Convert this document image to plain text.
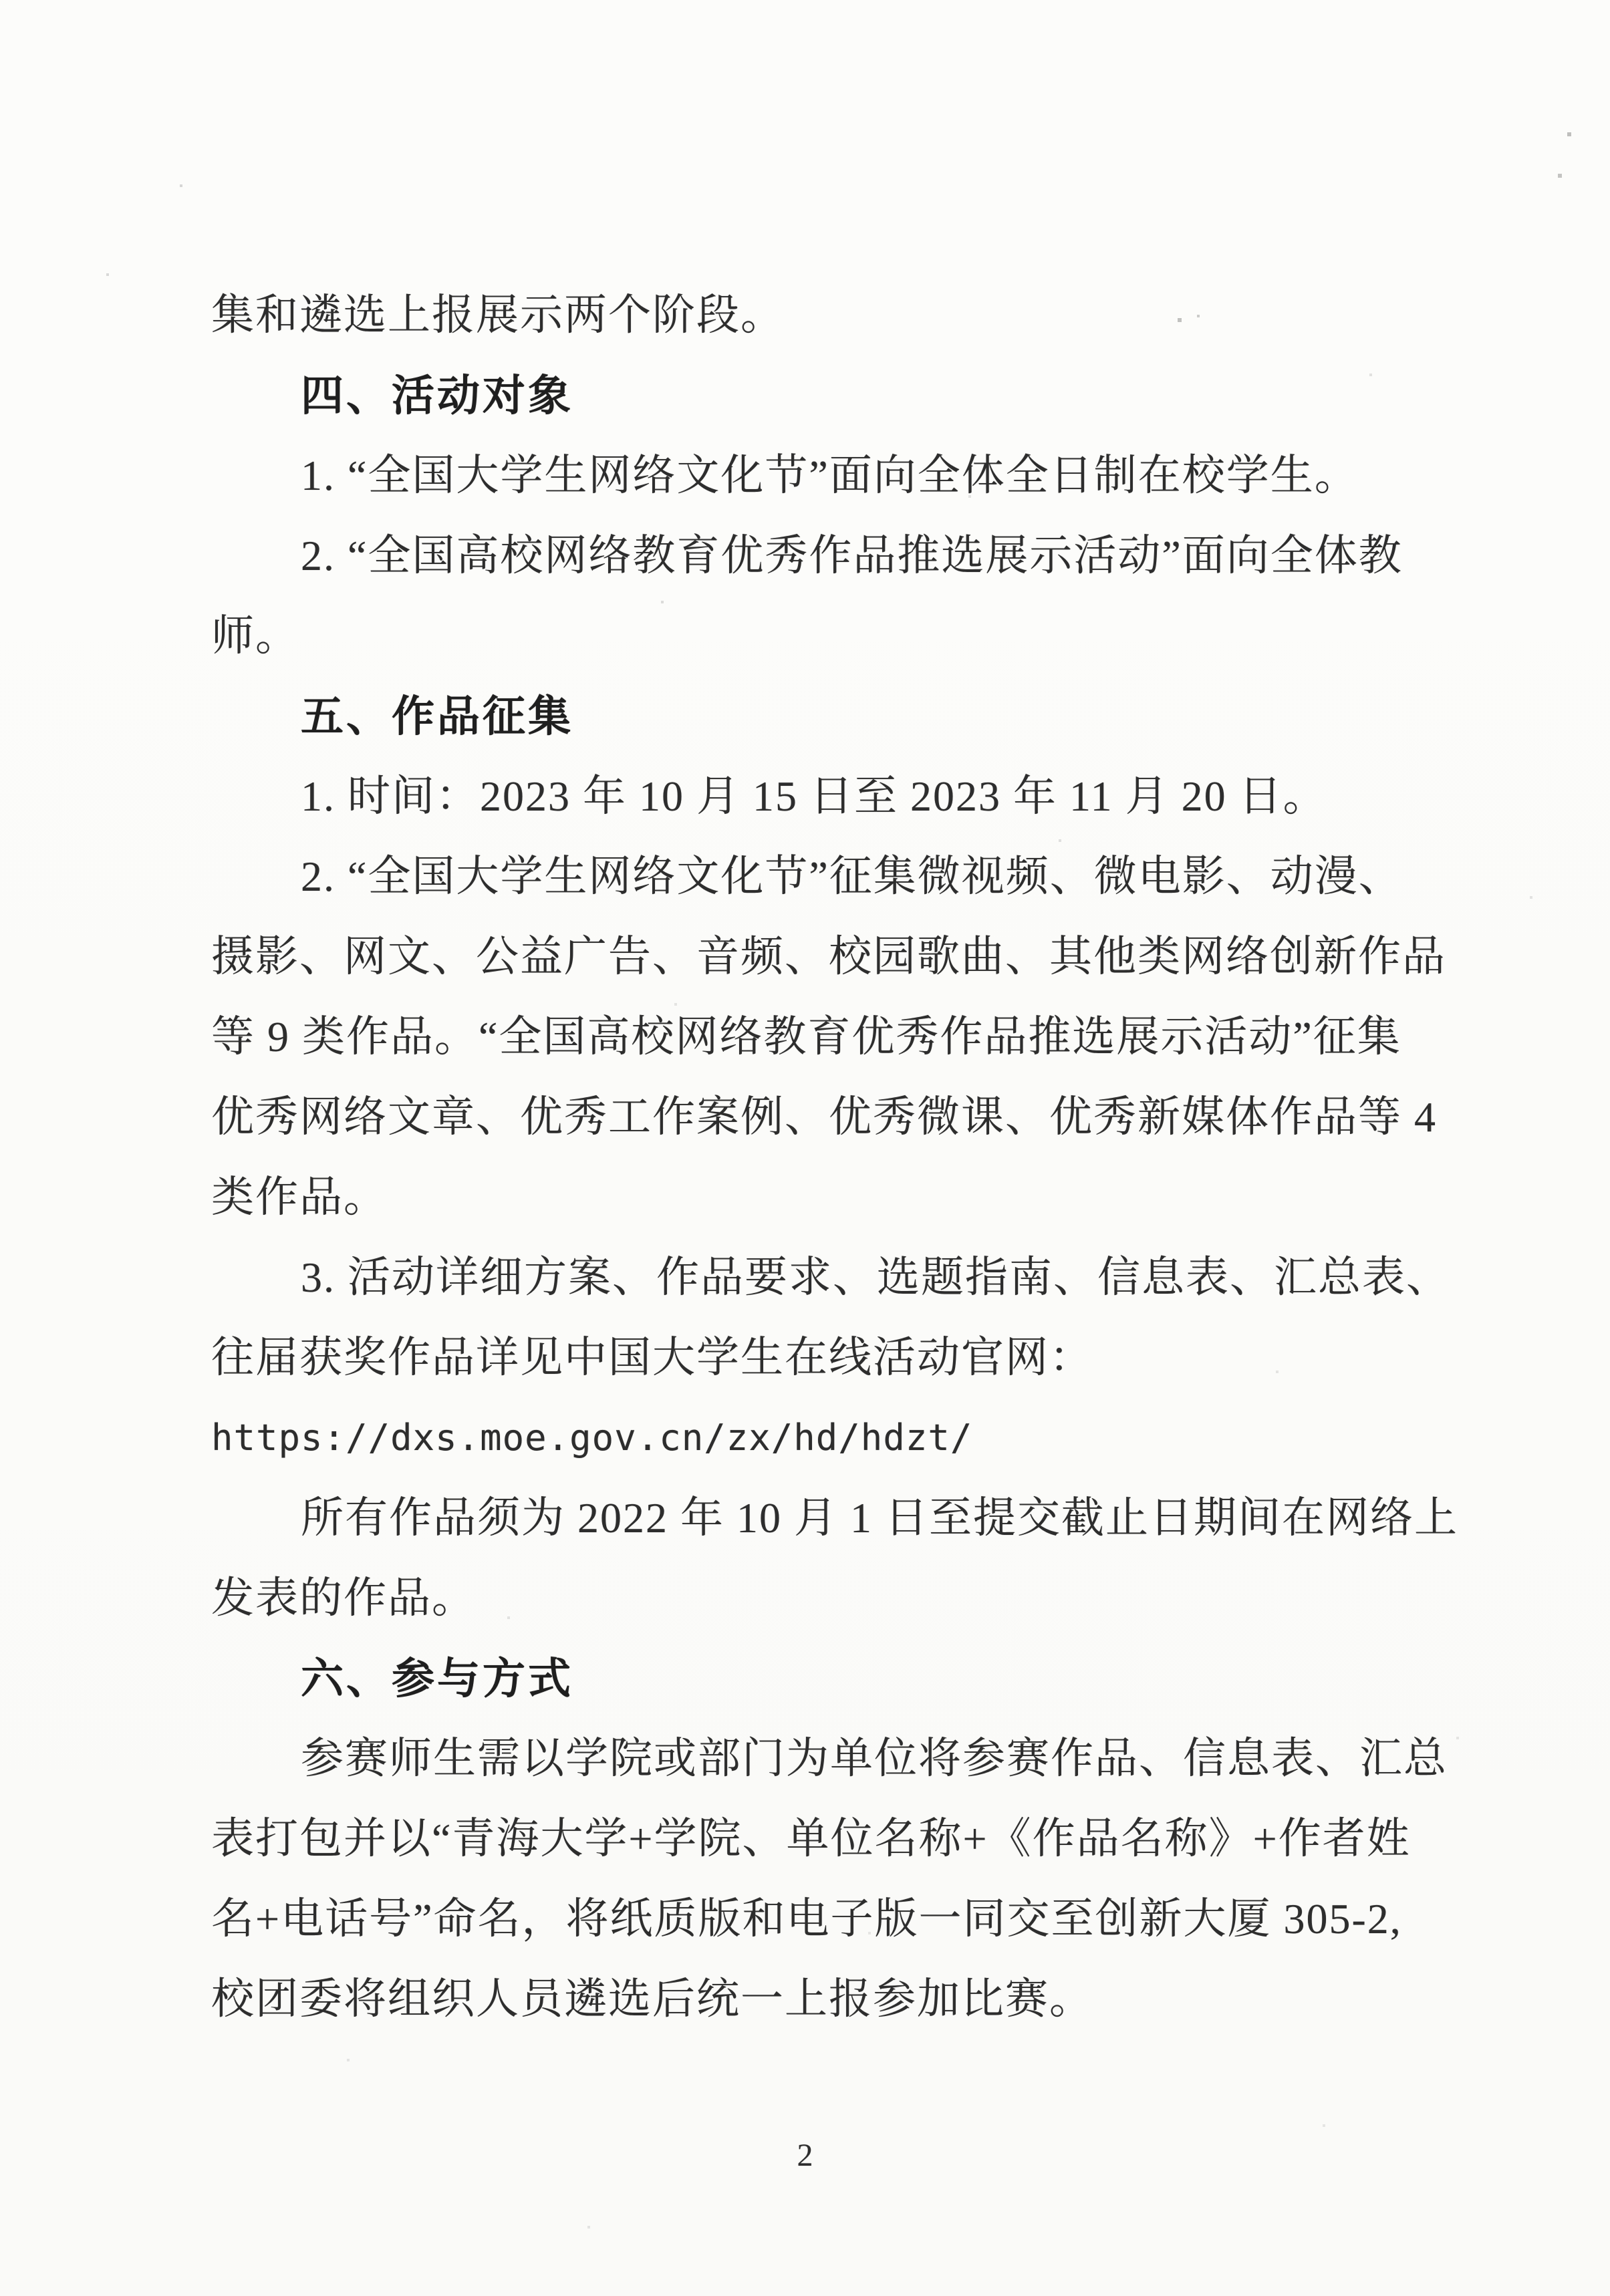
集和遴选上报展示两个阶段。
四、活动对象
1. “全国大学生网络文化节”面向全体全日制在校学生。
2. “全国高校网络教育优秀作品推选展示活动”面向全体教
师。
五、作品征集
1. 时间：2023 年 10 月 15 日至 2023 年 11 月 20 日。
2. “全国大学生网络文化节”征集微视频、微电影、动漫、
摄影、网文、公益广告、音频、校园歌曲、其他类网络创新作品
等 9 类作品。“全国高校网络教育优秀作品推选展示活动”征集
优秀网络文章、优秀工作案例、优秀微课、优秀新媒体作品等 4
类作品。
3. 活动详细方案、作品要求、选题指南、信息表、汇总表、
往届获奖作品详见中国大学生在线活动官网：
https://dxs.moe.gov.cn/zx/hd/hdzt/
所有作品须为 2022 年 10 月 1 日至提交截止日期间在网络上
发表的作品。
六、参与方式
参赛师生需以学院或部门为单位将参赛作品、信息表、汇总
表打包并以“青海大学+学院、单位名称+《作品名称》+作者姓
名+电话号”命名，将纸质版和电子版一同交至创新大厦 305-2,
校团委将组织人员遴选后统一上报参加比赛。
2
